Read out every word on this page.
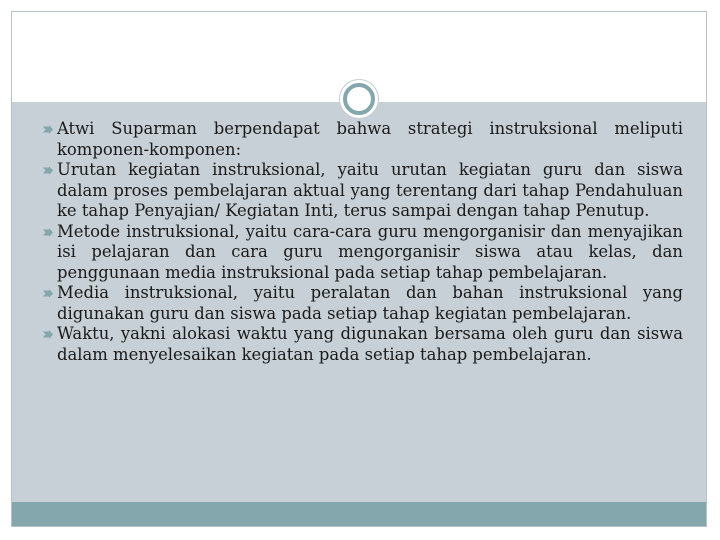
Atwi Suparman berpendapat bahwa strategi instruksional meliputi komponen-komponen:
Urutan kegiatan instruksional, yaitu urutan kegiatan guru dan siswa dalam proses pembelajaran aktual yang terentang dari tahap Pendahuluan ke tahap Penyajian/ Kegiatan Inti, terus sampai dengan tahap Penutup.
Metode instruksional, yaitu cara-cara guru mengorganisir dan menyajikan isi pelajaran dan cara guru mengorganisir siswa atau kelas, dan penggunaan media instruksional pada setiap tahap pembelajaran.
Media instruksional, yaitu peralatan dan bahan instruksional yang digunakan guru dan siswa pada setiap tahap kegiatan pembelajaran.
Waktu, yakni alokasi waktu yang digunakan bersama oleh guru dan siswa dalam menyelesaikan kegiatan pada setiap tahap pembelajaran.
